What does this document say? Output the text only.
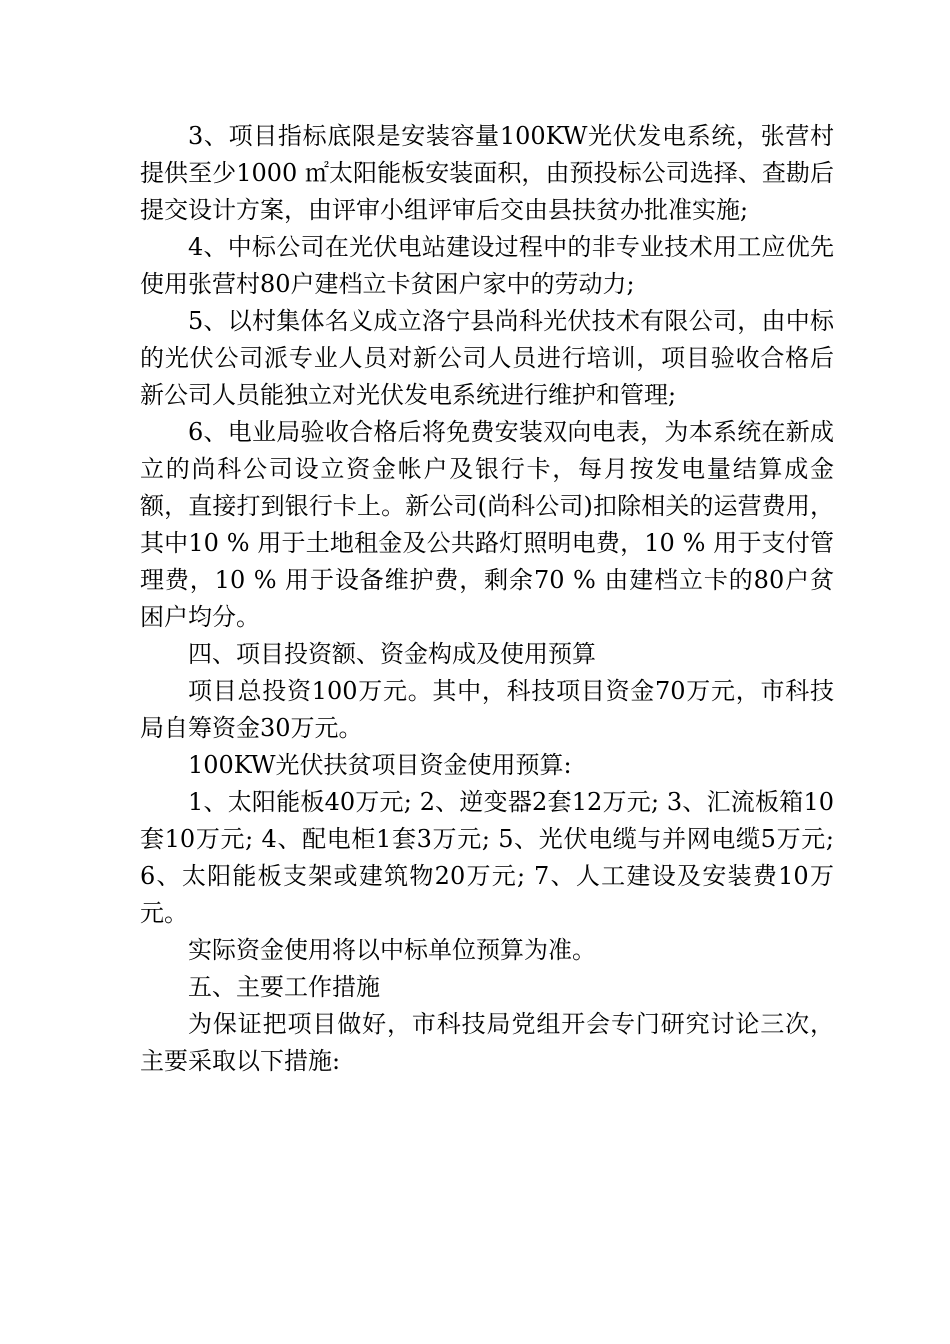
3、项目指标底限是安装容量100KW光伏发电系统，张营村提供至少1000 ㎡太阳能板安装面积，由预投标公司选择、查勘后提交设计方案，由评审小组评审后交由县扶贫办批准实施;

4、中标公司在光伏电站建设过程中的非专业技术用工应优先使用张营村80户建档立卡贫困户家中的劳动力;

5、以村集体名义成立洛宁县尚科光伏技术有限公司，由中标的光伏公司派专业人员对新公司人员进行培训，项目验收合格后新公司人员能独立对光伏发电系统进行维护和管理;

6、电业局验收合格后将免费安装双向电表，为本系统在新成立的尚科公司设立资金帐户及银行卡，每月按发电量结算成金额，直接打到银行卡上。新公司(尚科公司)扣除相关的运营费用，其中10 % 用于土地租金及公共路灯照明电费，10 % 用于支付管理费，10 % 用于设备维护费，剩余70 % 由建档立卡的80户贫困户均分。

四、项目投资额、资金构成及使用预算

项目总投资100万元。其中，科技项目资金70万元，市科技局自筹资金30万元。

100KW光伏扶贫项目资金使用预算:

1、太阳能板40万元; 2、逆变器2套12万元; 3、汇流板箱10套10万元; 4、配电柜1套3万元; 5、光伏电缆与并网电缆5万元; 6、太阳能板支架或建筑物20万元; 7、人工建设及安装费10万元。

实际资金使用将以中标单位预算为准。

五、主要工作措施

为保证把项目做好，市科技局党组开会专门研究讨论三次，主要采取以下措施:
